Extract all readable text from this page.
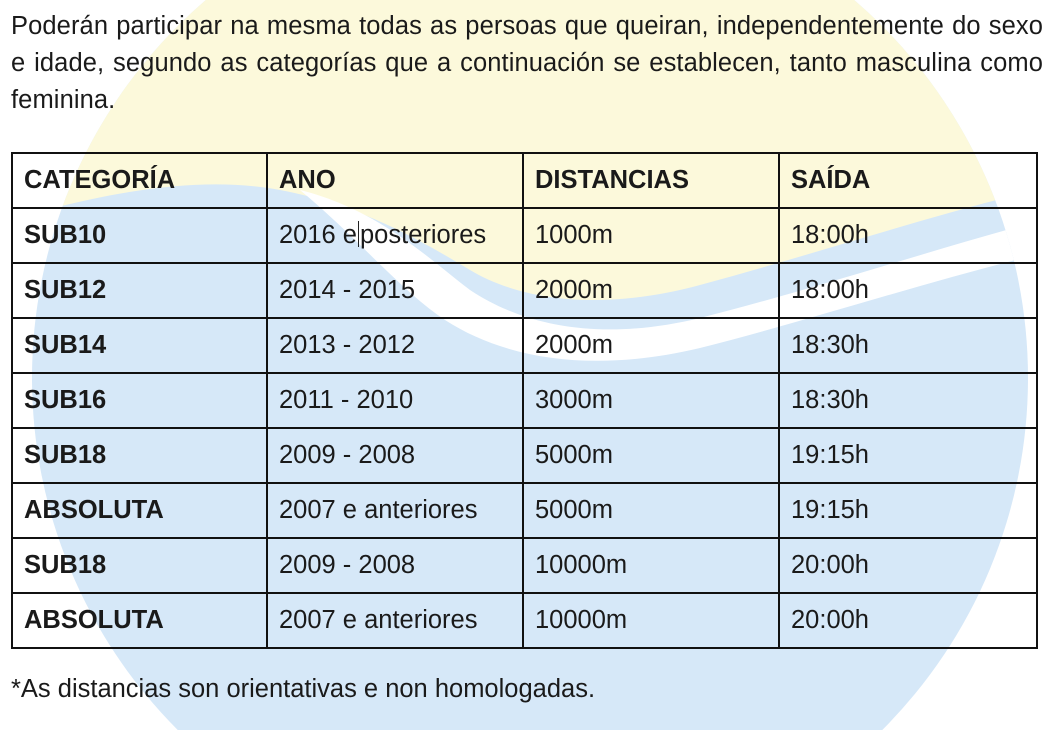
Poderán participar na mesma todas as persoas que queiran, independentemente do sexo e idade, segundo as categorías que a continuación se establecen, tanto masculina como feminina.

CATEGORÍA	ANO	DISTANCIAS	SAÍDA
SUB10	2016 e posteriores	1000m	18:00h
SUB12	2014 - 2015	2000m	18:00h
SUB14	2013 - 2012	2000m	18:30h
SUB16	2011 - 2010	3000m	18:30h
SUB18	2009 - 2008	5000m	19:15h
ABSOLUTA	2007 e anteriores	5000m	19:15h
SUB18	2009 - 2008	10000m	20:00h
ABSOLUTA	2007 e anteriores	10000m	20:00h

*As distancias son orientativas e non homologadas.
